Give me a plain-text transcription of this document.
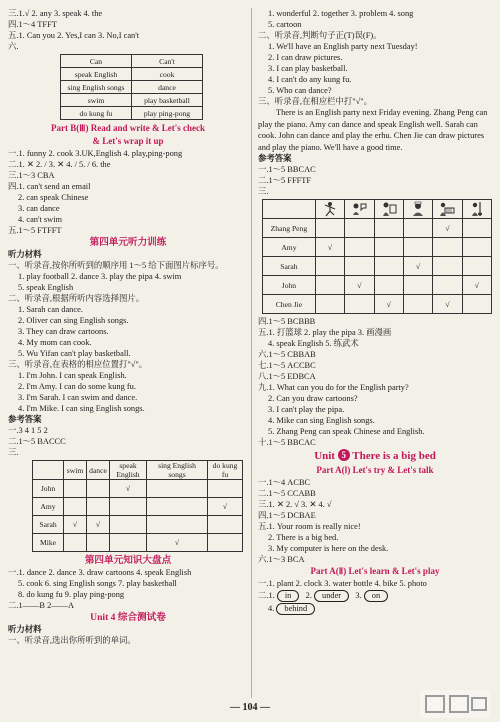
三.1.√ 2. any 3. speak 4. the
四.1～4 TFFT
五.1. Can you 2. Yes,I can 3. No,I can't
六.
Can	Can't
speak English	cook
sing English songs	dance
swim	play basketball
do kung fu	play ping-pong
Part B(Ⅲ) Read and write & Let's check
& Let's wrap it up
一.1. funny 2. cook 3.UK,English 4. play,ping-pong
二.1. ✕ 2. / 3. ✕ 4. / 5. / 6. the
三.1～3 CBA
四.1. can't send an email
2. can speak Chinese
3. can dance
4. can't swim
五.1～5 FTFFT
第四单元听力训练
听力材料
一、听录音,按你所听到的顺序用 1～5 给下面图片标序号。
1. play football 2. dance 3. play the pipa 4. swim
5. speak English
二、听录音,根据所听内容选择图片。
1. Sarah can dance.
2. Oliver can sing English songs.
3. They can draw cartoons.
4. My mom can cook.
5. Wu Yifan can't play basketball.
三、听录音,在表格的相应位置打"√"。
1. I'm John. I can speak English.
2. I'm Amy. I can do some kung fu.
3. I'm Sarah. I can swim and dance.
4. I'm Mike. I can sing English songs.
参考答案
一.3 4 1 5 2
二.1～5 BACCC
三.
	swim	dance	speak English	sing English songs	do kung fu
John			√		
Amy					√
Sarah	√	√			
Mike				√	
第四单元知识大盘点
一.1. dance 2. dance 3. draw cartoons 4. speak English
5. cook 6. sing English songs 7. play basketball
8. do kung fu 9. play ping-pong
二.1——B 2——A
Unit 4 综合测试卷
听力材料
一、听录音,选出你所听到的单词。
1. wonderful 2. together 3. problem 4. song
5. cartoon
二、听录音,判断句子正(T)误(F)。
1. We'll have an English party next Tuesday!
2. I can draw pictures.
3. I can play basketball.
4. I can't do any kung fu.
5. Who can dance?
三、听录音,在相应栏中打"√"。
There is an English party next Friday evening. Zhang Peng can play the piano. Amy can dance and speak English well. Sarah can cook. John can dance and play the erhu. Chen Jie can draw pictures and play the piano. We'll have a good time.
参考答案
一.1～5 BBCAC
二.1～5 FFFTF
三.

Zhang Peng					√	
Amy	√					
Sarah				√		
John		√				√
Chen Jie			√		√	
四.1～5 BCBBB
五.1. 打篮球 2. play the pipa 3. 画漫画
4. speak English 5. 练武术
六.1～5 CBBAB
七.1～5 ACCBC
八.1～5 EDBCA
九.1. What can you do for the English party?
2. Can you draw cartoons?
3. I can't play the pipa.
4. Mike can sing English songs.
5. Zhang Peng can speak Chinese and English.
十.1～5 BBCAC
Unit 5 There is a big bed
Part A(Ⅰ) Let's try & Let's talk
一.1～4 ACBC
二.1～5 CCABB
三.1. ✕ 2. √ 3. ✕ 4. √
四.1～5 DCBAE
五.1. Your room is really nice!
2. There is a big bed.
3. My computer is here on the desk.
六.1～3 BCA
Part A(Ⅱ) Let's learn & Let's play
一.1. plant 2. clock 3. water bottle 4. bike 5. photo
二.1. in 2. under 3. on
4. behind
— 104 —
